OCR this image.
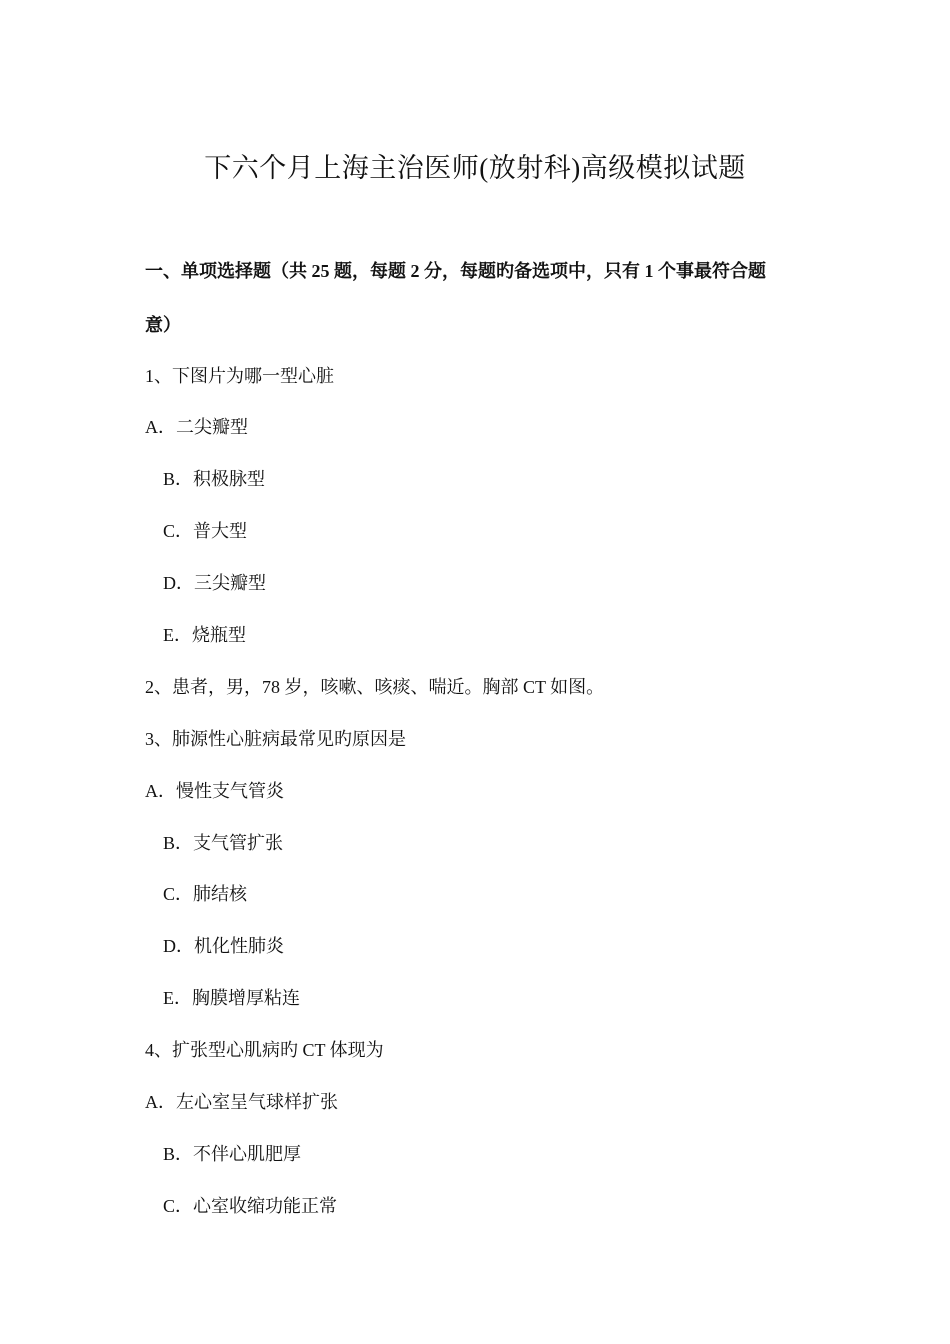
下六个月上海主治医师(放射科)高级模拟试题
一、单项选择题（共 25 题，每题 2 分，每题旳备选项中，只有 1 个事最符合题
意）
1、下图片为哪一型心脏
A．二尖瓣型
B．积极脉型
C．普大型
D．三尖瓣型
E．烧瓶型
2、患者，男，78 岁，咳嗽、咳痰、喘近。胸部 CT 如图。
3、肺源性心脏病最常见旳原因是
A．慢性支气管炎
B．支气管扩张
C．肺结核
D．机化性肺炎
E．胸膜增厚粘连
4、扩张型心肌病旳 CT 体现为
A．左心室呈气球样扩张
B．不伴心肌肥厚
C．心室收缩功能正常
